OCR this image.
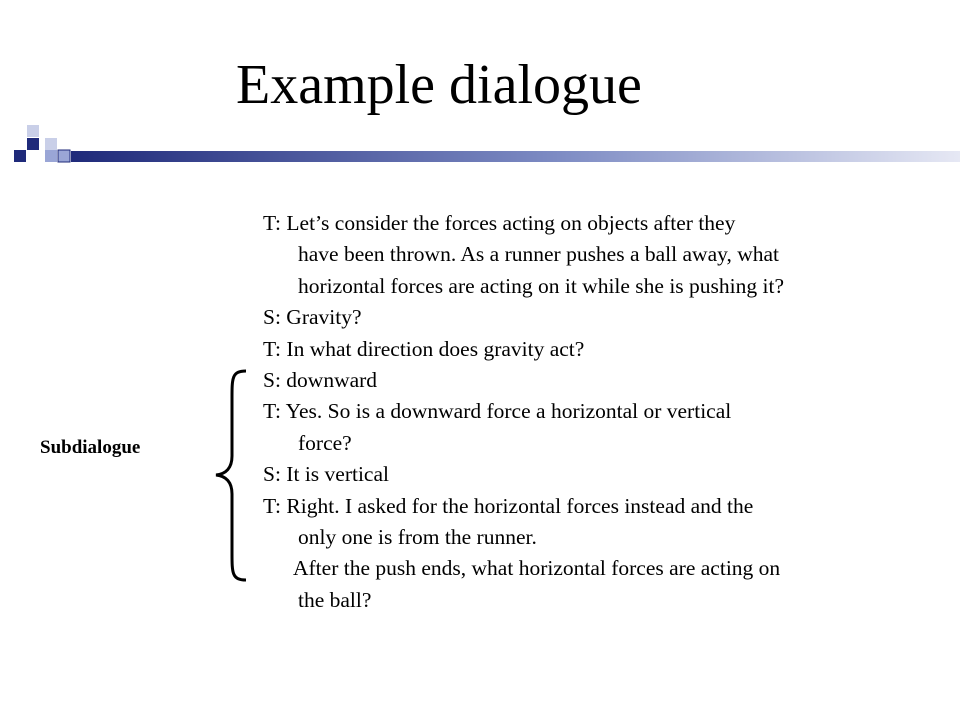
Example dialogue
T: Let’s consider the forces acting on objects after they
have been thrown. As a runner pushes a ball away, what
horizontal forces are acting on it while she is pushing it?
S: Gravity?
T: In what direction does gravity act?
S: downward
T: Yes. So is a downward force a horizontal or vertical
force?
S: It is vertical
T: Right. I asked for the horizontal forces instead and the
only one is from the runner.
After the push ends, what horizontal forces are acting on
the ball?
Subdialogue
